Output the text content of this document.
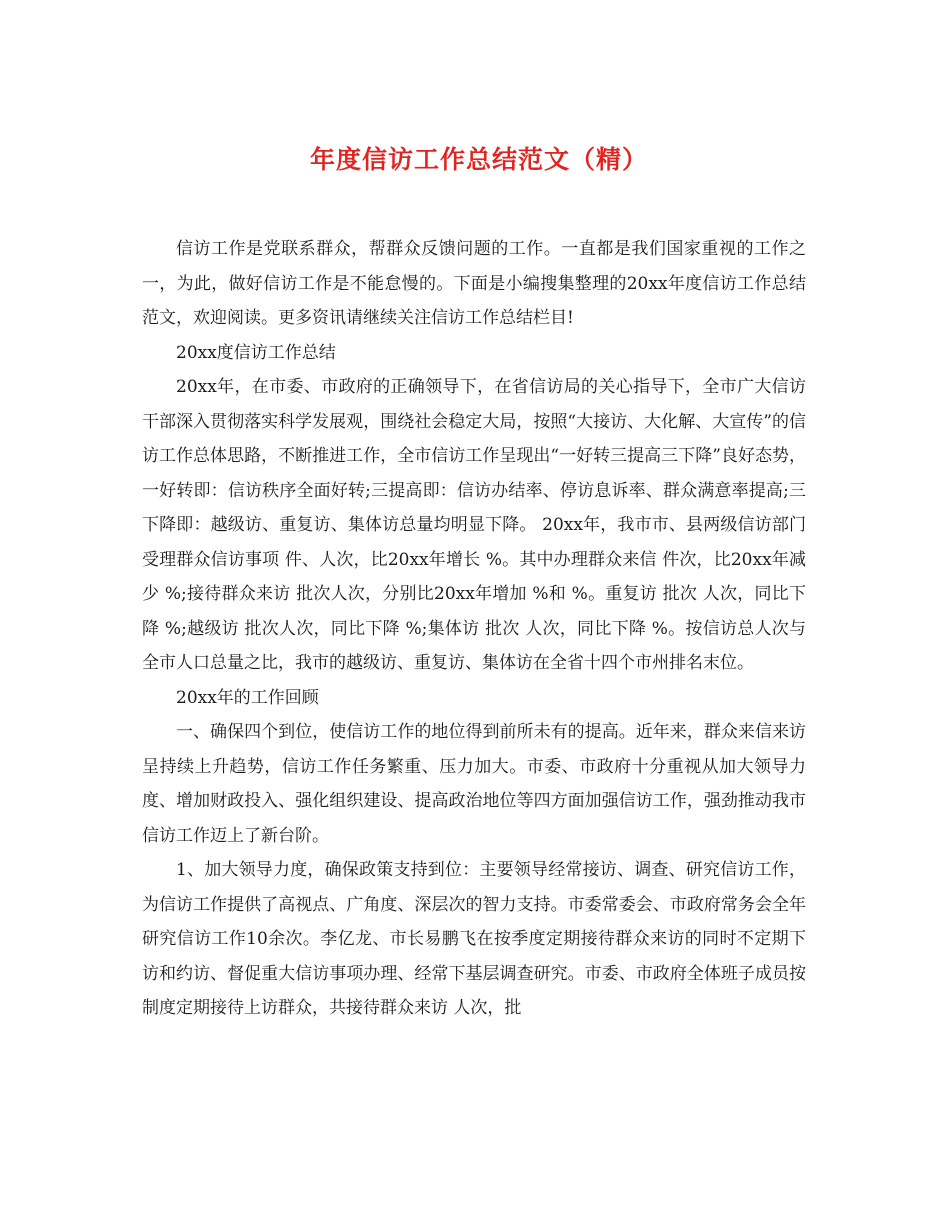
年度信访工作总结范文（精）

信访工作是党联系群众，帮群众反馈问题的工作。一直都是我们国家重视的工作之一，为此，做好信访工作是不能怠慢的。下面是小编搜集整理的20xx年度信访工作总结范文，欢迎阅读。更多资讯请继续关注信访工作总结栏目!

20xx度信访工作总结

20xx年，在市委、市政府的正确领导下，在省信访局的关心指导下，全市广大信访干部深入贯彻落实科学发展观，围绕社会稳定大局，按照“大接访、大化解、大宣传”的信访工作总体思路，不断推进工作，全市信访工作呈现出“一好转三提高三下降”良好态势，一好转即：信访秩序全面好转;三提高即：信访办结率、停访息诉率、群众满意率提高;三下降即：越级访、重复访、集体访总量均明显下降。 20xx年，我市市、县两级信访部门受理群众信访事项 件、人次，比20xx年增长 %。其中办理群众来信 件次，比20xx年减少 %;接待群众来访 批次人次，分别比20xx年增加 %和 %。重复访 批次 人次，同比下降 %;越级访 批次人次，同比下降 %;集体访 批次 人次，同比下降 %。按信访总人次与全市人口总量之比，我市的越级访、重复访、集体访在全省十四个市州排名末位。

20xx年的工作回顾

一、确保四个到位，使信访工作的地位得到前所未有的提高。近年来，群众来信来访呈持续上升趋势，信访工作任务繁重、压力加大。市委、市政府十分重视从加大领导力度、增加财政投入、强化组织建设、提高政治地位等四方面加强信访工作，强劲推动我市信访工作迈上了新台阶。

1、加大领导力度，确保政策支持到位：主要领导经常接访、调查、研究信访工作，为信访工作提供了高视点、广角度、深层次的智力支持。市委常委会、市政府常务会全年研究信访工作10余次。李亿龙、市长易鹏飞在按季度定期接待群众来访的同时不定期下访和约访、督促重大信访事项办理、经常下基层调查研究。市委、市政府全体班子成员按制度定期接待上访群众，共接待群众来访 人次，批
